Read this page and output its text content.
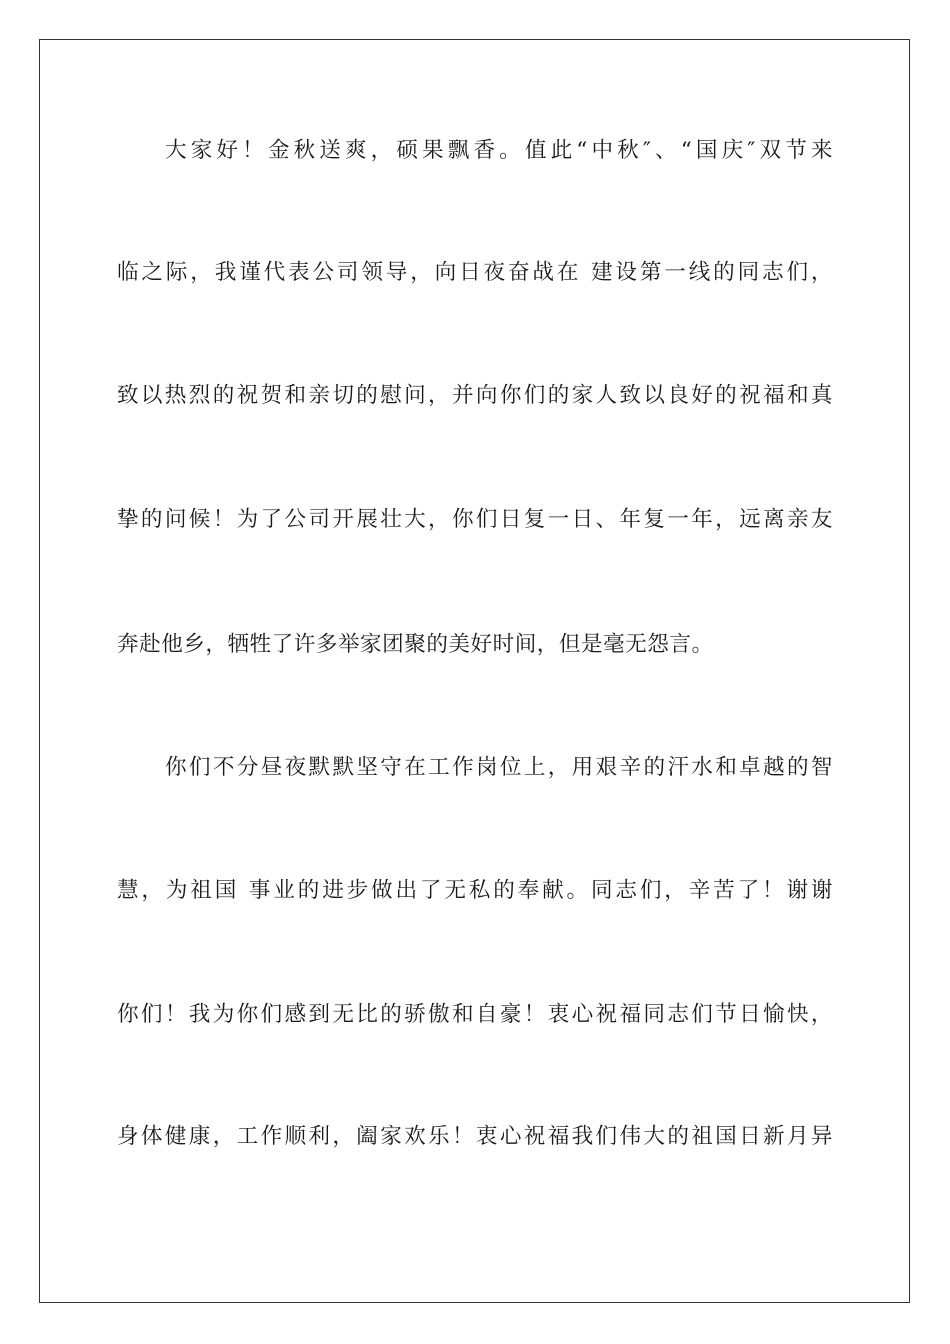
大家好！金秋送爽，硕果飘香。值此“中秋″、“国庆″双节来
临之际，我谨代表公司领导，向日夜奋战在 建设第一线的同志们，
致以热烈的祝贺和亲切的慰问，并向你们的家人致以良好的祝福和真
挚的问候！为了公司开展壮大，你们日复一日、年复一年，远离亲友
奔赴他乡，牺牲了许多举家团聚的美好时间，但是毫无怨言。
你们不分昼夜默默坚守在工作岗位上，用艰辛的汗水和卓越的智
慧，为祖国 事业的进步做出了无私的奉献。同志们，辛苦了！谢谢
你们！我为你们感到无比的骄傲和自豪！衷心祝福同志们节日愉快，
身体健康，工作顺利，阖家欢乐！衷心祝福我们伟大的祖国日新月异
